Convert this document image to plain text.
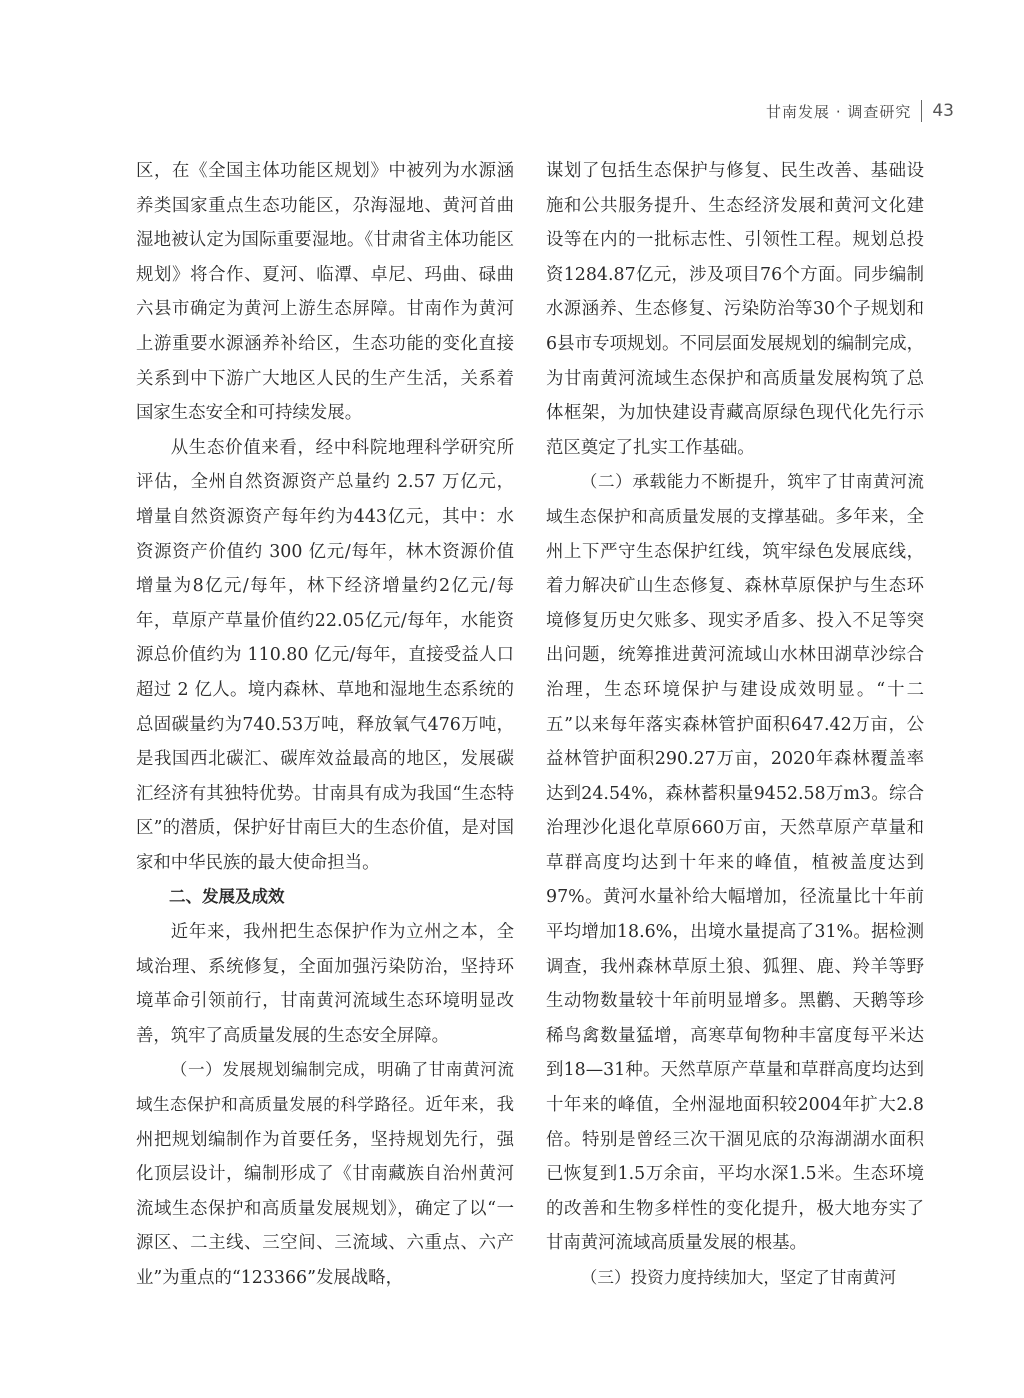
甘南发展 · 调查研究 43

区，在《全国主体功能区规划》中被列为水源涵养类国家重点生态功能区，尕海湿地、黄河首曲湿地被认定为国际重要湿地。《甘肃省主体功能区规划》将合作、夏河、临潭、卓尼、玛曲、碌曲六县市确定为黄河上游生态屏障。甘南作为黄河上游重要水源涵养补给区，生态功能的变化直接关系到中下游广大地区人民的生产生活，关系着国家生态安全和可持续发展。

从生态价值来看，经中科院地理科学研究所评估，全州自然资源资产总量约 2.57 万亿元，增量自然资源资产每年约为443亿元，其中：水资源资产价值约 300 亿元/每年，林木资源价值增量为8亿元/每年，林下经济增量约2亿元/每年，草原产草量价值约22.05亿元/每年，水能资源总价值约为 110.80 亿元/每年，直接受益人口超过 2 亿人。境内森林、草地和湿地生态系统的总固碳量约为740.53万吨，释放氧气476万吨，是我国西北碳汇、碳库效益最高的地区，发展碳汇经济有其独特优势。甘南具有成为我国“生态特区”的潜质，保护好甘南巨大的生态价值，是对国家和中华民族的最大使命担当。

二、发展及成效

近年来，我州把生态保护作为立州之本，全域治理、系统修复，全面加强污染防治，坚持环境革命引领前行，甘南黄河流域生态环境明显改善，筑牢了高质量发展的生态安全屏障。

（一）发展规划编制完成，明确了甘南黄河流域生态保护和高质量发展的科学路径。近年来，我州把规划编制作为首要任务，坚持规划先行，强化顶层设计，编制形成了《甘南藏族自治州黄河流域生态保护和高质量发展规划》，确定了以“一源区、二主线、三空间、三流域、六重点、六产业”为重点的“123366”发展战略，

谋划了包括生态保护与修复、民生改善、基础设施和公共服务提升、生态经济发展和黄河文化建设等在内的一批标志性、引领性工程。规划总投资1284.87亿元，涉及项目76个方面。同步编制水源涵养、生态修复、污染防治等30个子规划和6县市专项规划。不同层面发展规划的编制完成，为甘南黄河流域生态保护和高质量发展构筑了总体框架，为加快建设青藏高原绿色现代化先行示范区奠定了扎实工作基础。

（二）承载能力不断提升，筑牢了甘南黄河流域生态保护和高质量发展的支撑基础。多年来，全州上下严守生态保护红线，筑牢绿色发展底线，着力解决矿山生态修复、森林草原保护与生态环境修复历史欠账多、现实矛盾多、投入不足等突出问题，统筹推进黄河流域山水林田湖草沙综合治理，生态环境保护与建设成效明显。“十二五”以来每年落实森林管护面积647.42万亩，公益林管护面积290.27万亩，2020年森林覆盖率达到24.54%，森林蓄积量9452.58万m3。综合治理沙化退化草原660万亩，天然草原产草量和草群高度均达到十年来的峰值，植被盖度达到97%。黄河水量补给大幅增加，径流量比十年前平均增加18.6%，出境水量提高了31%。据检测调查，我州森林草原土狼、狐狸、鹿、羚羊等野生动物数量较十年前明显增多。黑鹳、天鹅等珍稀鸟禽数量猛增，高寒草甸物种丰富度每平米达到18—31种。天然草原产草量和草群高度均达到十年来的峰值，全州湿地面积较2004年扩大2.8倍。特别是曾经三次干涸见底的尕海湖湖水面积已恢复到1.5万余亩，平均水深1.5米。生态环境的改善和生物多样性的变化提升，极大地夯实了甘南黄河流域高质量发展的根基。

（三）投资力度持续加大，坚定了甘南黄河
